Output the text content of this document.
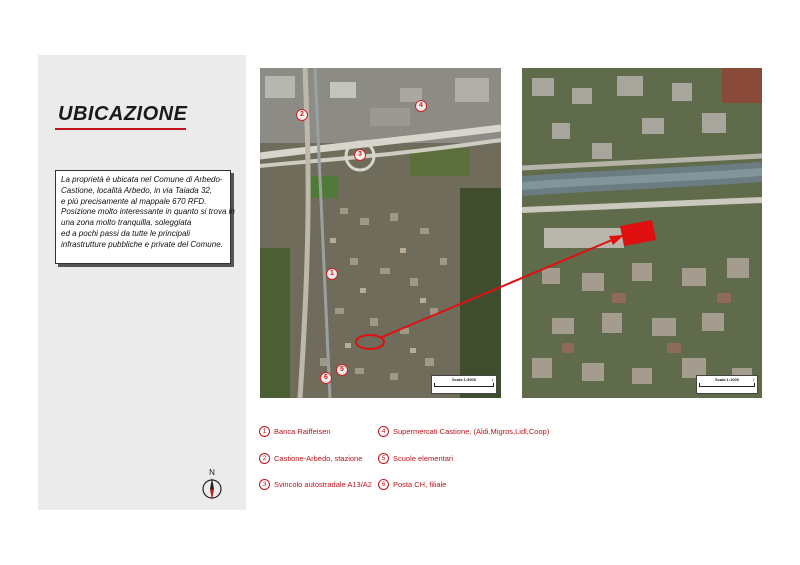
UBICAZIONE
La proprietà è ubicata nel Comune di Arbedo-
Castione, località Arbedo, in via Taiada 32,
e più precisamente al mappale 670 RFD.
Posizione molto interessante in quanto si trova in
una zona molto tranquilla, soleggiata
ed a pochi passi da tutte le principali
infrastrutture pubbliche e private del Comune.
N
2
3
4
1
5
6	Scala 1:5000	↑	Scala 1:1000	↑
1	Banca Raiffeisen
2	Castione-Arbedo, stazione
3	Svincolo autostradale A13/A2
4	Supermercati Castione, (Aldi,Migros,Lidl,Coop)
5	Scuole elementari
6	Posta CH, filiale
